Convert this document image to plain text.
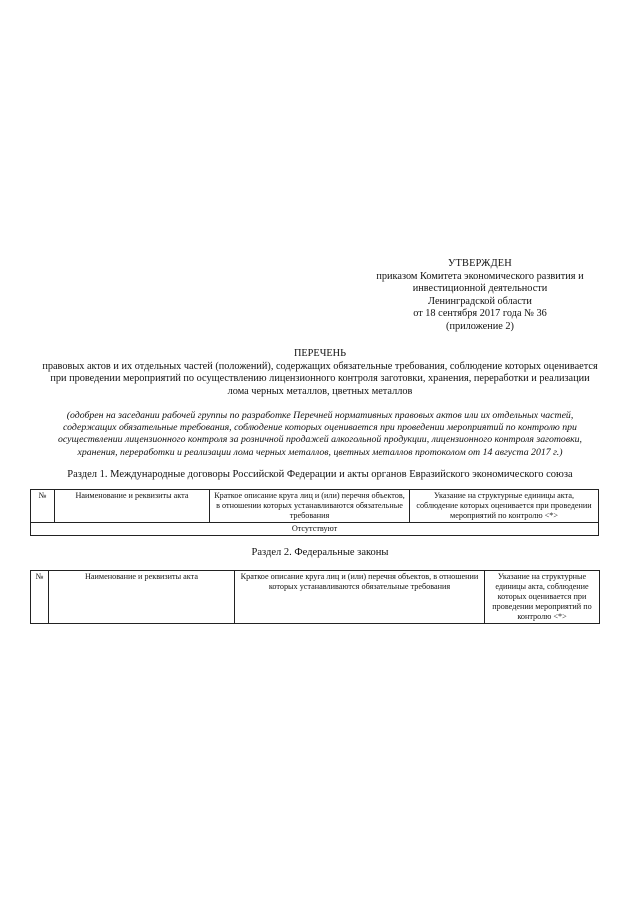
УТВЕРЖДЕН
приказом Комитета экономического развития и
инвестиционной деятельности
Ленинградской области
от 18 сентября 2017 года № 36
(приложение 2)
ПЕРЕЧЕНЬ
правовых актов и их отдельных частей (положений), содержащих обязательные требования, соблюдение которых оценивается
при проведении мероприятий по осуществлению лицензионного контроля заготовки, хранения, переработки и реализации
лома черных металлов, цветных металлов
(одобрен на заседании рабочей группы по разработке Перечней нормативных правовых актов или их отдельных частей,
содержащих обязательные требования, соблюдение которых оценивается при проведении мероприятий по контролю при
осуществлении лицензионного контроля за розничной продажей алкогольной продукции, лицензионного контроля заготовки,
хранения, переработки и реализации лома черных металлов, цветных металлов протоколом от 14 августа 2017 г.)
Раздел 1. Международные договоры Российской Федерации и акты органов Евразийского экономического союза
№	Наименование и реквизиты акта	Краткое описание круга лиц и (или) перечня объектов, в отношении которых устанавливаются обязательные требования	Указание на структурные единицы акта, соблюдение которых оценивается при проведении мероприятий по контролю <*>
Отсутствуют
Раздел 2. Федеральные законы
№	Наименование и реквизиты акта	Краткое описание круга лиц и (или) перечня объектов, в отношении которых устанавливаются обязательные требования	Указание на структурные единицы акта, соблюдение которых оценивается при проведении мероприятий по контролю <*>
